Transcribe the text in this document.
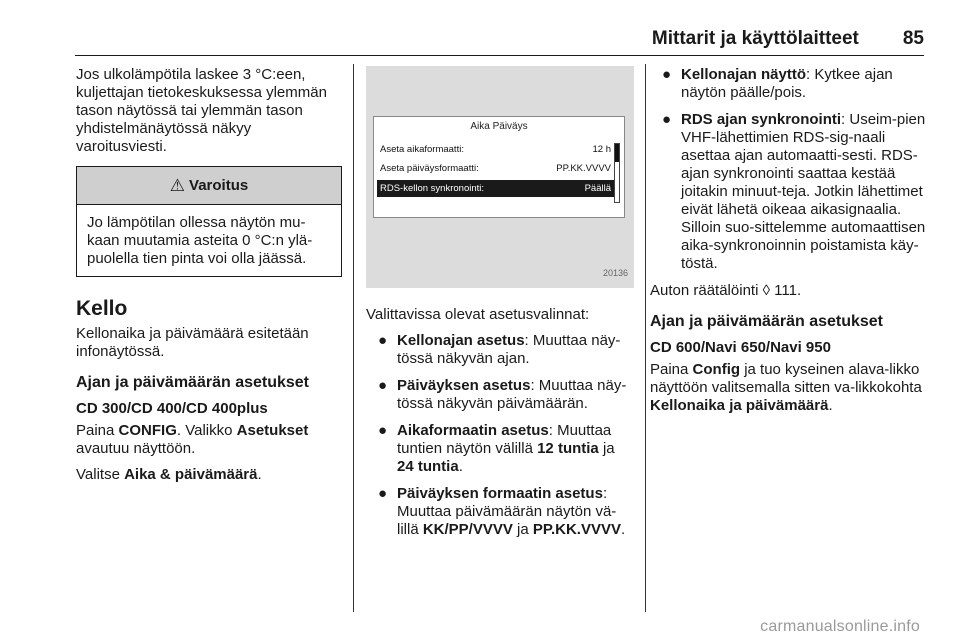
Mittarit ja käyttölaitteet 85

Jos ulkolämpötila laskee 3 °C:een, kuljettajan tietokeskuksessa ylemmän tason näytössä tai ylemmän tason yhdistelmänäytössä näkyy varoitusviesti.

⚠ Varoitus
Jo lämpötilan ollessa näytön mu-kaan muutamia asteita 0 °C:n ylä-puolella tien pinta voi olla jäässä.
Kello

Kellonaika ja päivämäärä esitetään infonäytössä.

Ajan ja päivämäärän asetukset
CD 300/CD 400/CD 400plus

Paina CONFIG. Valikko Asetukset avautuu näyttöön.

Valitse Aika & päivämäärä.

Aika Päiväys
Aseta aikaformaatti:	12 h
Aseta päiväysformaatti:	PP.KK.VVVV
RDS-kellon synkronointi:	Päällä
20136

Valittavissa olevat asetusvalinnat:

● Kellonajan asetus: Muuttaa näy-tössä näkyvän ajan.
● Päiväyksen asetus: Muuttaa näy-tössä näkyvän päivämäärän.
● Aikaformaatin asetus: Muuttaa tuntien näytön välillä 12 tuntia ja 24 tuntia.
● Päiväyksen formaatin asetus: Muuttaa päivämäärän näytön vä-lillä KK/PP/VVVV ja PP.KK.VVVV.
● Kellonajan näyttö: Kytkee ajan näytön päälle/pois.
● RDS ajan synkronointi: Useim-pien VHF-lähettimien RDS-sig-naali asettaa ajan automaatti-sesti. RDS-ajan synkronointi saattaa kestää joitakin minuut-teja. Jotkin lähettimet eivät lähetä oikeaa aikasignaalia. Silloin suo-sittelemme automaattisen aika-synkronoinnin poistamista käy-töstä.

Auton räätälöinti ◊ 111.

Ajan ja päivämäärän asetukset
CD 600/Navi 650/Navi 950

Paina Config ja tuo kyseinen alava-likko näyttöön valitsemalla sitten va-likkokohta Kellonaika ja päivämäärä.

carmanualsonline.info
